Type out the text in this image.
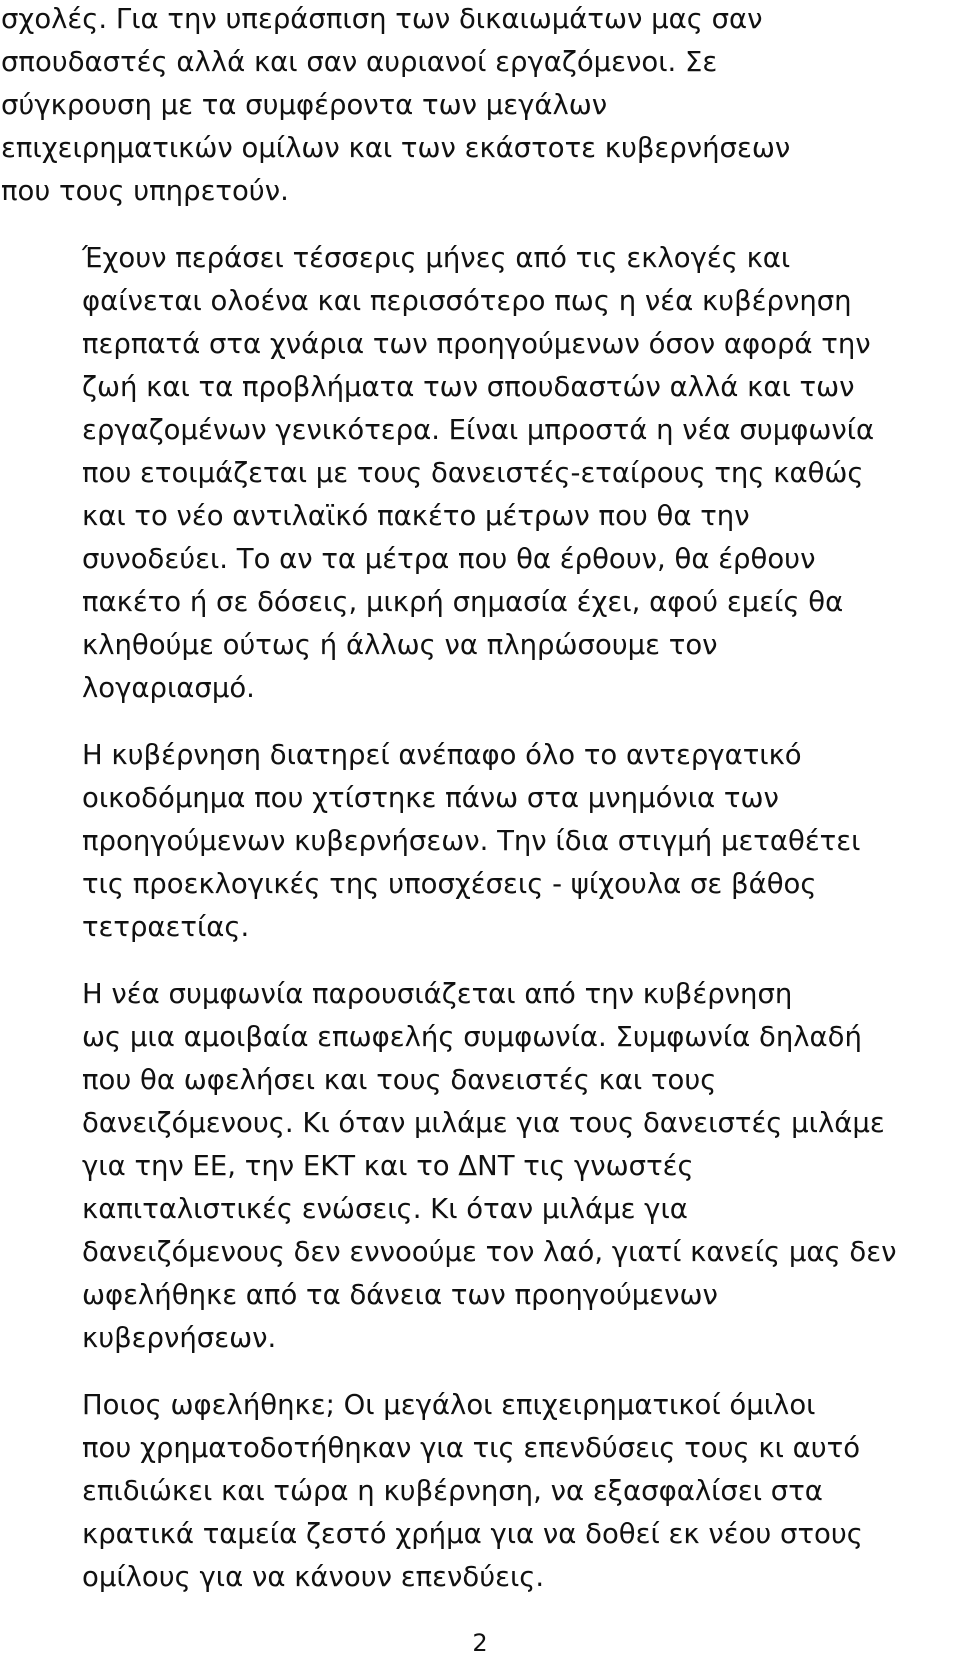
σχολές. Για την υπεράσπιση των δικαιωμάτων μας σαν
σπουδαστές αλλά και σαν αυριανοί εργαζόμενοι. Σε
σύγκρουση με τα συμφέροντα των μεγάλων
επιχειρηματικών ομίλων και των εκάστοτε κυβερνήσεων
που τους υπηρετούν.
Έχουν περάσει τέσσερις μήνες από τις εκλογές και
φαίνεται ολοένα και περισσότερο πως η νέα κυβέρνηση
περπατά στα χνάρια των προηγούμενων όσον αφορά την
ζωή και τα προβλήματα των σπουδαστών αλλά και των
εργαζομένων γενικότερα. Είναι μπροστά η νέα συμφωνία
που ετοιμάζεται με τους δανειστές-εταίρους της καθώς
και το νέο αντιλαϊκό πακέτο μέτρων που θα την
συνοδεύει. Το αν τα μέτρα που θα έρθουν, θα έρθουν
πακέτο ή σε δόσεις, μικρή σημασία έχει, αφού εμείς θα
κληθούμε ούτως ή άλλως να πληρώσουμε τον
λογαριασμό.
Η κυβέρνηση διατηρεί ανέπαφο όλο το αντεργατικό
οικοδόμημα που χτίστηκε πάνω στα μνημόνια των
προηγούμενων κυβερνήσεων. Την ίδια στιγμή μεταθέτει
τις προεκλογικές της υποσχέσεις - ψίχουλα σε βάθος
τετραετίας.
Η νέα συμφωνία παρουσιάζεται από την κυβέρνηση
ως μια αμοιβαία επωφελής συμφωνία. Συμφωνία δηλαδή
που θα ωφελήσει και τους δανειστές και τους
δανειζόμενους. Κι όταν μιλάμε για τους δανειστές μιλάμε
για την ΕΕ, την ΕΚΤ και το ΔΝΤ τις γνωστές
καπιταλιστικές ενώσεις. Κι όταν μιλάμε για
δανειζόμενους δεν εννοούμε τον λαό, γιατί κανείς μας δεν
ωφελήθηκε από τα δάνεια των προηγούμενων
κυβερνήσεων.
Ποιος ωφελήθηκε; Οι μεγάλοι επιχειρηματικοί όμιλοι
που χρηματοδοτήθηκαν για τις επενδύσεις τους κι αυτό
επιδιώκει και τώρα η κυβέρνηση, να εξασφαλίσει στα
κρατικά ταμεία ζεστό χρήμα για να δοθεί εκ νέου στους
ομίλους για να κάνουν επενδύεις.
2
